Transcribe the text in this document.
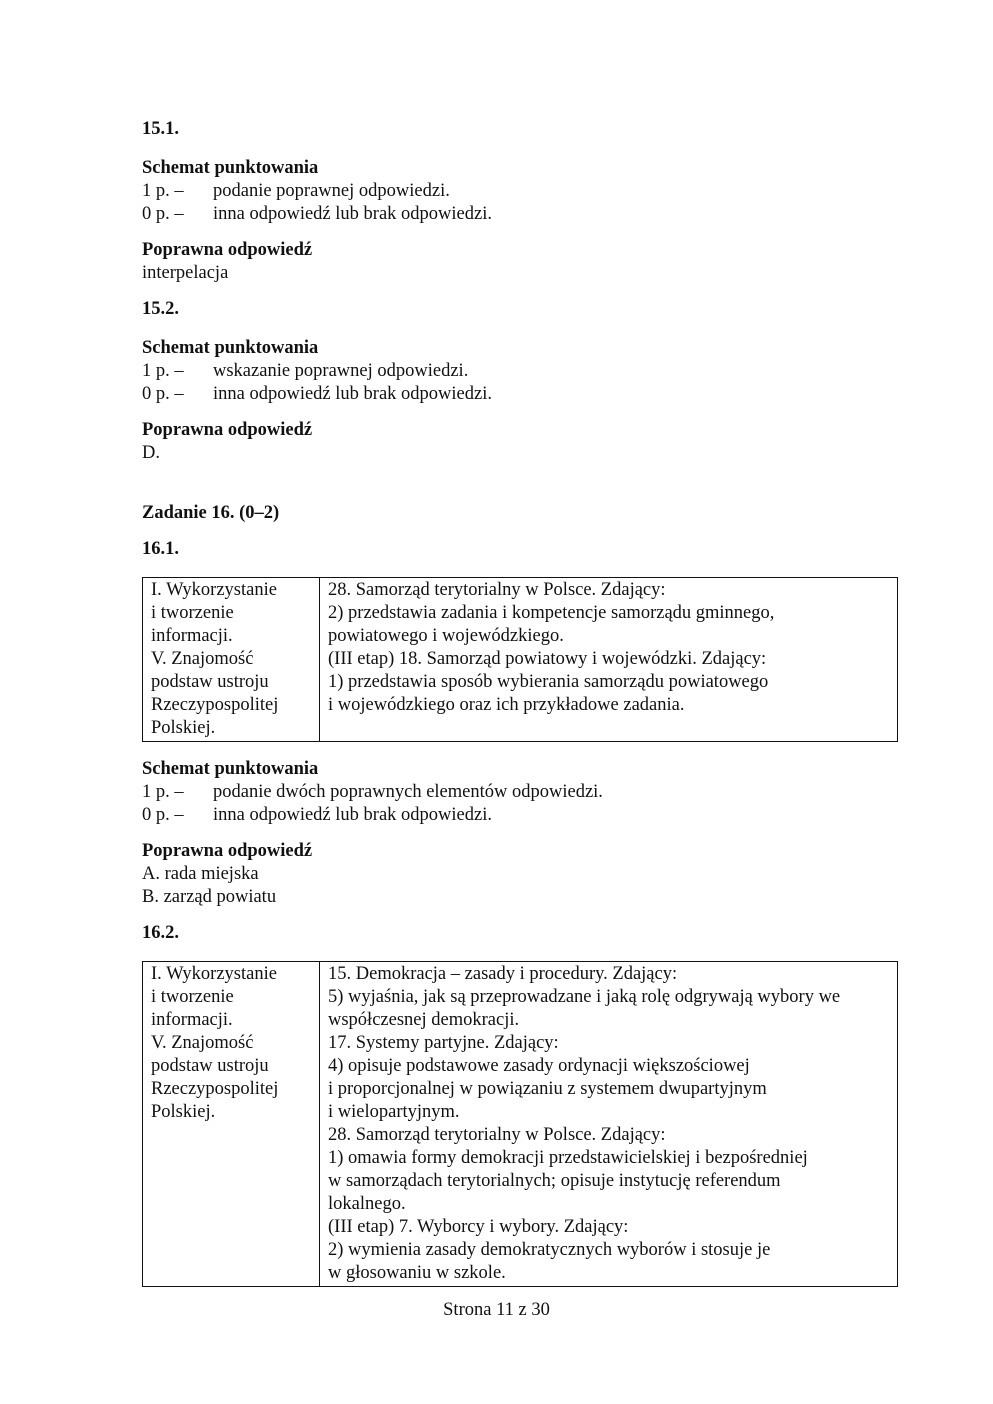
15.1.

Schemat punktowania

1 p. – podanie poprawnej odpowiedzi.

0 p. – inna odpowiedź lub brak odpowiedzi.

Poprawna odpowiedź

interpelacja

15.2.

Schemat punktowania

1 p. – wskazanie poprawnej odpowiedzi.

0 p. – inna odpowiedź lub brak odpowiedzi.

Poprawna odpowiedź

D.

Zadanie 16. (0–2)

16.1.

I. Wykorzystanie
i tworzenie
informacji.
V. Znajomość
podstaw ustroju
Rzeczypospolitej
Polskiej.

28. Samorząd terytorialny w Polsce. Zdający:
2) przedstawia zadania i kompetencje samorządu gminnego,
powiatowego i wojewódzkiego.
(III etap) 18. Samorząd powiatowy i wojewódzki. Zdający:
1) przedstawia sposób wybierania samorządu powiatowego
i wojewódzkiego oraz ich przykładowe zadania.

Schemat punktowania

1 p. – podanie dwóch poprawnych elementów odpowiedzi.

0 p. – inna odpowiedź lub brak odpowiedzi.

Poprawna odpowiedź

A. rada miejska

B. zarząd powiatu

16.2.

I. Wykorzystanie
i tworzenie
informacji.
V. Znajomość
podstaw ustroju
Rzeczypospolitej
Polskiej.

15. Demokracja – zasady i procedury. Zdający:
5) wyjaśnia, jak są przeprowadzane i jaką rolę odgrywają wybory we
współczesnej demokracji.
17. Systemy partyjne. Zdający:
4) opisuje podstawowe zasady ordynacji większościowej
i proporcjonalnej w powiązaniu z systemem dwupartyjnym
i wielopartyjnym.
28. Samorząd terytorialny w Polsce. Zdający:
1) omawia formy demokracji przedstawicielskiej i bezpośredniej
w samorządach terytorialnych; opisuje instytucję referendum
lokalnego.
(III etap) 7. Wyborcy i wybory. Zdający:
2) wymienia zasady demokratycznych wyborów i stosuje je
w głosowaniu w szkole.
Strona 11 z 30
